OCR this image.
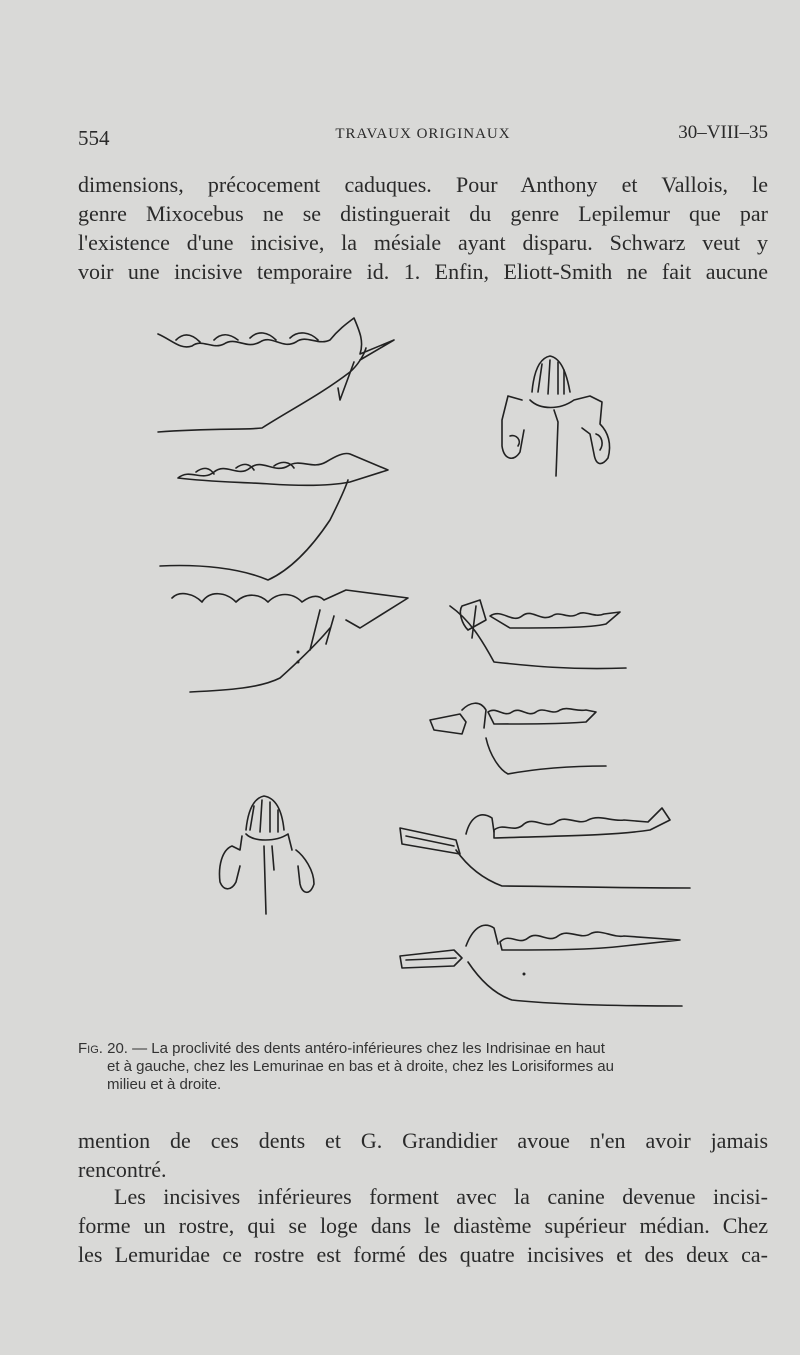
554	TRAVAUX ORIGINAUX	30–VIII–35
dimensions, précocement caduques. Pour Anthony et Vallois, le
genre Mixocebus ne se distinguerait du genre Lepilemur que par
l'existence d'une incisive, la mésiale ayant disparu. Schwarz veut y
voir une incisive temporaire id. 1. Enfin, Eliott-Smith ne fait aucune
Fig. 20. — La proclivité des dents antéro-inférieures chez les Indrisinae en haut
et à gauche, chez les Lemurinae en bas et à droite, chez les Lorisiformes au
milieu et à droite.
mention de ces dents et G. Grandidier avoue n'en avoir jamais
rencontré.
Les incisives inférieures forment avec la canine devenue incisi-
forme un rostre, qui se loge dans le diastème supérieur médian. Chez
les Lemuridae ce rostre est formé des quatre incisives et des deux ca-
